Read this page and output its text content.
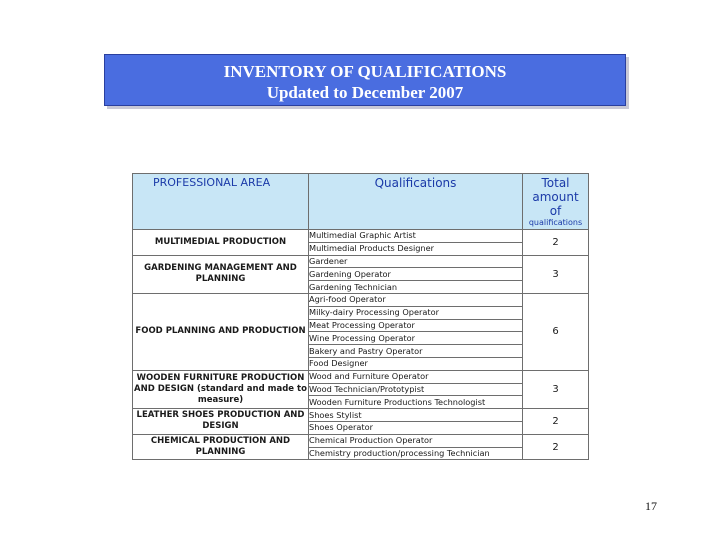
INVENTORY OF QUALIFICATIONS
Updated to December 2007
PROFESSIONAL AREA	Qualifications	Total
amount
of
qualifications

MULTIMEDIAL PRODUCTION	Multimedial Graphic Artist	2
	Multimedial Products Designer	
GARDENING MANAGEMENT AND PLANNING	Gardener	3
	Gardening Operator	
	Gardening Technician	
FOOD PLANNING AND PRODUCTION	Agri-food Operator	6
	Milky-dairy Processing Operator	
	Meat Processing Operator	
	Wine Processing Operator	
	Bakery and Pastry Operator	
	Food Designer	
WOODEN FURNITURE PRODUCTION AND DESIGN (standard and made to measure)	Wood and Furniture Operator	3
	Wood Technician/Prototypist	
	Wooden Furniture Productions Technologist	
LEATHER SHOES PRODUCTION AND DESIGN	Shoes Stylist	2
	Shoes Operator	
CHEMICAL PRODUCTION AND PLANNING	Chemical Production Operator	2
	Chemistry production/processing Technician	
17
